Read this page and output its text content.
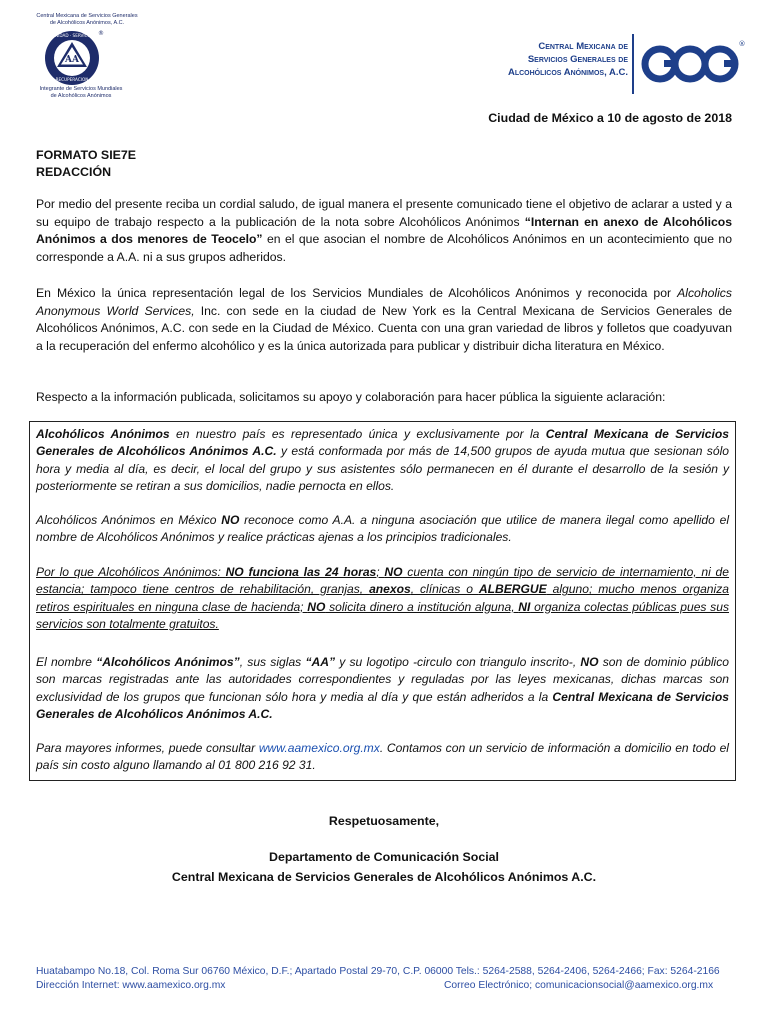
Central Mexicana de Servicios Generales
de Alcohólicos Anónimos, A.C.
AA
UNIDAD · SERVICIO
RECUPERACION
®
Integrante de Servicios Mundiales
de Alcohólicos Anónimos
Central Mexicana de
Servicios Generales de
Alcohólicos Anónimos, A.C.
®
Ciudad de México a 10 de agosto de 2018
FORMATO SIE7E
REDACCIÓN
Por medio del presente reciba un cordial saludo, de igual manera el presente comunicado tiene el objetivo de aclarar a usted y a su equipo de trabajo respecto a la publicación de la nota sobre Alcohólicos Anónimos “Internan en anexo de Alcohólicos Anónimos a dos menores de Teocelo” en el que asocian el nombre de Alcohólicos Anónimos en un acontecimiento que no corresponde a A.A. ni a sus grupos adheridos.
En México la única representación legal de los Servicios Mundiales de Alcohólicos Anónimos y reconocida por Alcoholics Anonymous World Services, Inc. con sede en la ciudad de New York es la Central Mexicana de Servicios Generales de Alcohólicos Anónimos, A.C. con sede en la Ciudad de México. Cuenta con una gran variedad de libros y folletos que coadyuvan a la recuperación del enfermo alcohólico y es la única autorizada para publicar y distribuir dicha literatura en México.
Respecto a la información publicada, solicitamos su apoyo y colaboración para hacer pública la siguiente aclaración:
Alcohólicos Anónimos en nuestro país es representado única y exclusivamente por la Central Mexicana de Servicios Generales de Alcohólicos Anónimos A.C. y está conformada por más de 14,500 grupos de ayuda mutua que sesionan sólo hora y media al día, es decir, el local del grupo y sus asistentes sólo permanecen en él durante el desarrollo de la sesión y posteriormente se retiran a sus domicilios, nadie pernocta en ellos.
Alcohólicos Anónimos en México NO reconoce como A.A. a ninguna asociación que utilice de manera ilegal como apellido el nombre de Alcohólicos Anónimos y realice prácticas ajenas a los principios tradicionales.
Por lo que Alcohólicos Anónimos: NO funciona las 24 horas; NO cuenta con ningún tipo de servicio de internamiento, ni de estancia; tampoco tiene centros de rehabilitación, granjas, anexos, clínicas o ALBERGUE alguno; mucho menos organiza retiros espirituales en ninguna clase de hacienda; NO solicita dinero a institución alguna, NI organiza colectas públicas pues sus servicios son totalmente gratuitos.
El nombre “Alcohólicos Anónimos”, sus siglas “AA” y su logotipo -circulo con triangulo inscrito-, NO son de dominio público son marcas registradas ante las autoridades correspondientes y reguladas por las leyes mexicanas, dichas marcas son exclusividad de los grupos que funcionan sólo hora y media al día y que están adheridos a la Central Mexicana de Servicios Generales de Alcohólicos Anónimos A.C.
Para mayores informes, puede consultar www.aamexico.org.mx. Contamos con un servicio de información a domicilio en todo el país sin costo alguno llamando al 01 800 216 92 31.
Respetuosamente,
Departamento de Comunicación Social
Central Mexicana de Servicios Generales de Alcohólicos Anónimos A.C.
Huatabampo No.18, Col. Roma Sur 06760 México, D.F.; Apartado Postal 29-70, C.P. 06000 Tels.: 5264-2588, 5264-2406, 5264-2466; Fax: 5264-2166
Dirección Internet: www.aamexico.org.mx	Correo Electrónico; comunicacionsocial@aamexico.org.mx
